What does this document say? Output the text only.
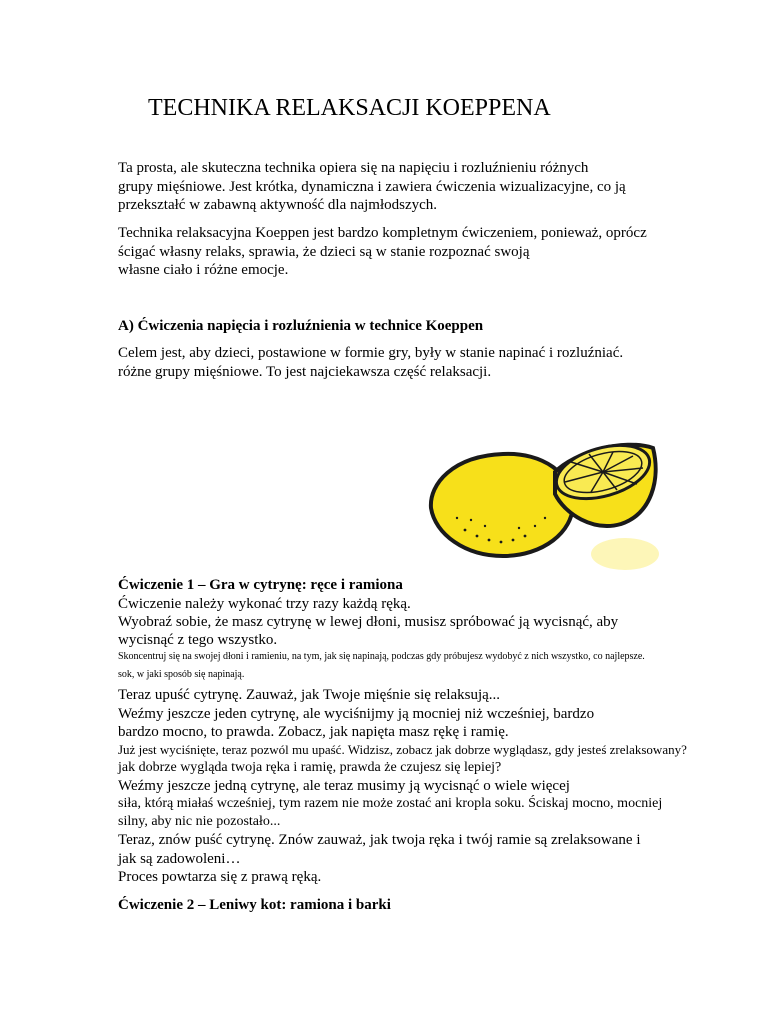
TECHNIKA RELAKSACJI KOEPPENA
Ta prosta, ale skuteczna technika opiera się na napięciu i rozluźnieniu różnych
grupy mięśniowe. Jest krótka, dynamiczna i zawiera ćwiczenia wizualizacyjne, co ją
przekształć w zabawną aktywność dla najmłodszych.
Technika relaksacyjna Koeppen jest bardzo kompletnym ćwiczeniem, ponieważ, oprócz
ścigać własny relaks, sprawia, że dzieci są w stanie rozpoznać swoją
własne ciało i różne emocje.
A) Ćwiczenia napięcia i rozluźnienia w technice Koeppen
Celem jest, aby dzieci, postawione w formie gry, były w stanie napinać i rozluźniać.
różne grupy mięśniowe. To jest najciekawsza część relaksacji.
Ćwiczenie 1 – Gra w cytrynę: ręce i ramiona
Ćwiczenie należy wykonać trzy razy każdą ręką.
Wyobraź sobie, że masz cytrynę w lewej dłoni, musisz spróbować ją wycisnąć, aby
wycisnąć z tego wszystko.
Skoncentruj się na swojej dłoni i ramieniu, na tym, jak się napinają, podczas gdy próbujesz wydobyć z nich wszystko, co najlepsze.
sok, w jaki sposób się napinają.
Teraz upuść cytrynę. Zauważ, jak Twoje mięśnie się relaksują...
Weźmy jeszcze jeden cytrynę, ale wyciśnijmy ją mocniej niż wcześniej, bardzo
bardzo mocno, to prawda. Zobacz, jak napięta masz rękę i ramię.
Już jest wyciśnięte, teraz pozwól mu upaść. Widzisz, zobacz jak dobrze wyglądasz, gdy jesteś zrelaksowany?
jak dobrze wygląda twoja ręka i ramię, prawda że czujesz się lepiej?
Weźmy jeszcze jedną cytrynę, ale teraz musimy ją wycisnąć o wiele więcej
siła, którą miałaś wcześniej, tym razem nie może zostać ani kropla soku. Ściskaj mocno, mocniej
silny, aby nic nie pozostało...
Teraz, znów puść cytrynę. Znów zauważ, jak twoja ręka i twój ramie są zrelaksowane i
jak są zadowoleni…
Proces powtarza się z prawą ręką.
Ćwiczenie 2 – Leniwy kot: ramiona i barki
